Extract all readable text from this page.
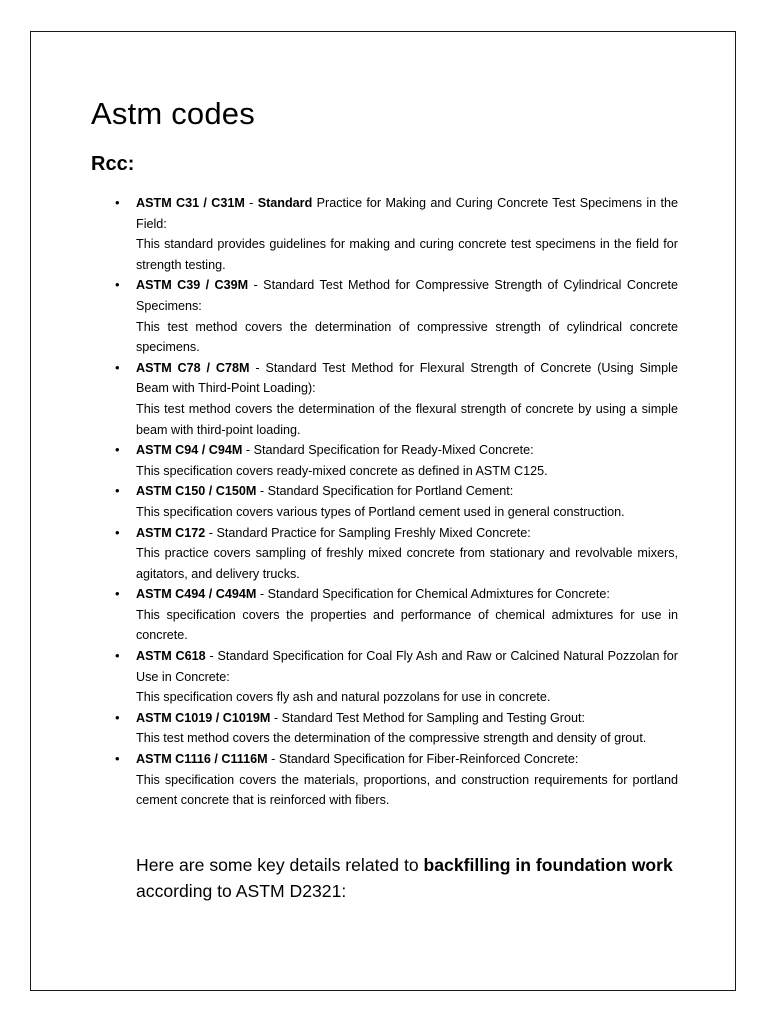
Astm codes
Rcc:
• ASTM C31 / C31M - Standard Practice for Making and Curing Concrete Test Specimens in the Field:
This standard provides guidelines for making and curing concrete test specimens in the field for strength testing.
• ASTM C39 / C39M - Standard Test Method for Compressive Strength of Cylindrical Concrete Specimens:
This test method covers the determination of compressive strength of cylindrical concrete specimens.
• ASTM C78 / C78M - Standard Test Method for Flexural Strength of Concrete (Using Simple Beam with Third-Point Loading):
This test method covers the determination of the flexural strength of concrete by using a simple beam with third-point loading.
• ASTM C94 / C94M - Standard Specification for Ready-Mixed Concrete:
This specification covers ready-mixed concrete as defined in ASTM C125.
• ASTM C150 / C150M - Standard Specification for Portland Cement:
This specification covers various types of Portland cement used in general construction.
• ASTM C172 - Standard Practice for Sampling Freshly Mixed Concrete:
This practice covers sampling of freshly mixed concrete from stationary and revolvable mixers, agitators, and delivery trucks.
• ASTM C494 / C494M - Standard Specification for Chemical Admixtures for Concrete:
This specification covers the properties and performance of chemical admixtures for use in concrete.
• ASTM C618 - Standard Specification for Coal Fly Ash and Raw or Calcined Natural Pozzolan for Use in Concrete:
This specification covers fly ash and natural pozzolans for use in concrete.
• ASTM C1019 / C1019M - Standard Test Method for Sampling and Testing Grout:
This test method covers the determination of the compressive strength and density of grout.
• ASTM C1116 / C1116M - Standard Specification for Fiber-Reinforced Concrete:
This specification covers the materials, proportions, and construction requirements for portland cement concrete that is reinforced with fibers.

Here are some key details related to backfilling in foundation work according to ASTM D2321:
